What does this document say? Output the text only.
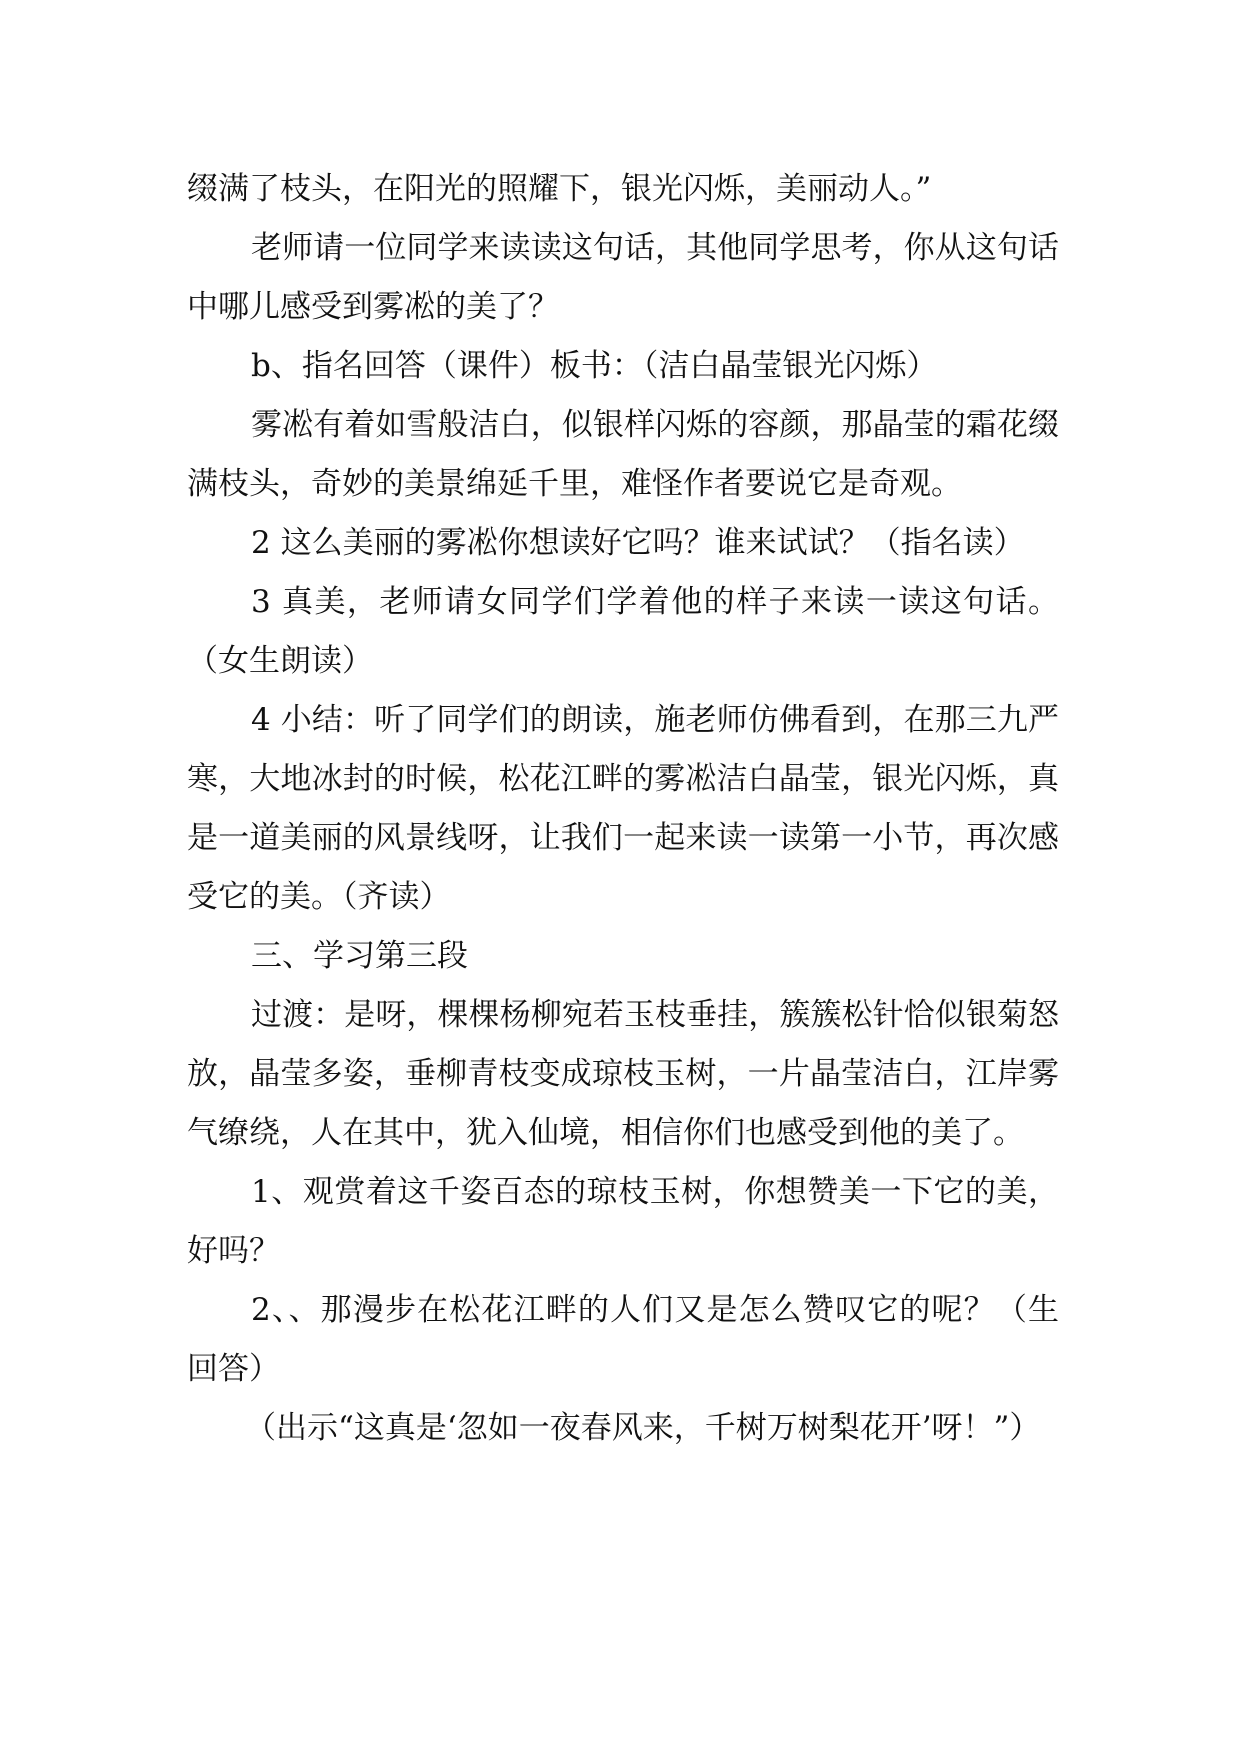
缀满了枝头，在阳光的照耀下，银光闪烁，美丽动人。”

老师请一位同学来读读这句话，其他同学思考，你从这句话中哪儿感受到雾凇的美了？

b、指名回答（课件）板书：（洁白晶莹银光闪烁）

雾凇有着如雪般洁白，似银样闪烁的容颜，那晶莹的霜花缀满枝头，奇妙的美景绵延千里，难怪作者要说它是奇观。

2 这么美丽的雾凇你想读好它吗？谁来试试？（指名读）

3 真美，老师请女同学们学着他的样子来读一读这句话。（女生朗读）

4 小结：听了同学们的朗读，施老师仿佛看到，在那三九严寒，大地冰封的时候，松花江畔的雾凇洁白晶莹，银光闪烁，真是一道美丽的风景线呀，让我们一起来读一读第一小节，再次感受它的美。（齐读）

三、学习第三段

过渡：是呀，棵棵杨柳宛若玉枝垂挂，簇簇松针恰似银菊怒放，晶莹多姿，垂柳青枝变成琼枝玉树，一片晶莹洁白，江岸雾气缭绕，人在其中，犹入仙境，相信你们也感受到他的美了。

1、观赏着这千姿百态的琼枝玉树，你想赞美一下它的美，好吗？

2、、那漫步在松花江畔的人们又是怎么赞叹它的呢？（生回答）

（出示“这真是‘忽如一夜春风来，千树万树梨花开’呀！”）
